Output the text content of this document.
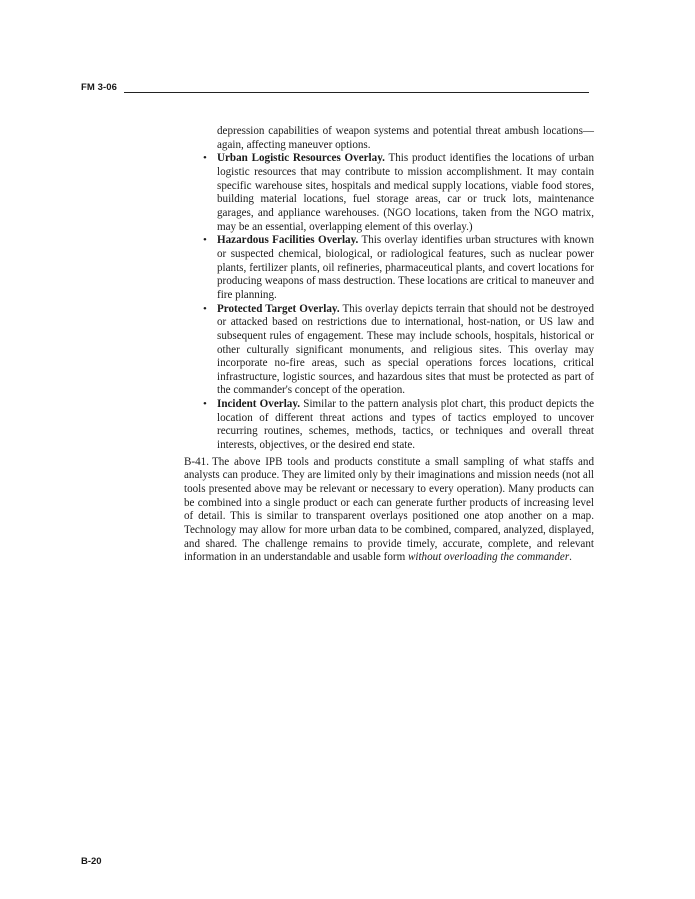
FM 3-06

depression capabilities of weapon systems and potential threat ambush locations—again, affecting maneuver options.

• Urban Logistic Resources Overlay. This product identifies the locations of urban logistic resources that may contribute to mission accomplishment. It may contain specific warehouse sites, hospitals and medical supply locations, viable food stores, building material locations, fuel storage areas, car or truck lots, maintenance garages, and appliance warehouses. (NGO locations, taken from the NGO matrix, may be an essential, overlapping element of this overlay.)
• Hazardous Facilities Overlay. This overlay identifies urban structures with known or suspected chemical, biological, or radiological features, such as nuclear power plants, fertilizer plants, oil refineries, pharmaceutical plants, and covert locations for producing weapons of mass destruction. These locations are critical to maneuver and fire planning.
• Protected Target Overlay. This overlay depicts terrain that should not be destroyed or attacked based on restrictions due to international, host-nation, or US law and subsequent rules of engagement. These may include schools, hospitals, historical or other culturally significant monuments, and religious sites. This overlay may incorporate no-fire areas, such as special operations forces locations, critical infrastructure, logistic sources, and hazardous sites that must be protected as part of the commander's concept of the operation.
• Incident Overlay. Similar to the pattern analysis plot chart, this product depicts the location of different threat actions and types of tactics employed to uncover recurring routines, schemes, methods, tactics, or techniques and overall threat interests, objectives, or the desired end state.

B-41. The above IPB tools and products constitute a small sampling of what staffs and analysts can produce. They are limited only by their imaginations and mission needs (not all tools presented above may be relevant or necessary to every operation). Many products can be combined into a single product or each can generate further products of increasing level of detail. This is similar to transparent overlays positioned one atop another on a map. Technology may allow for more urban data to be combined, compared, analyzed, displayed, and shared. The challenge remains to provide timely, accurate, complete, and relevant information in an understandable and usable form without overloading the commander.

B-20
